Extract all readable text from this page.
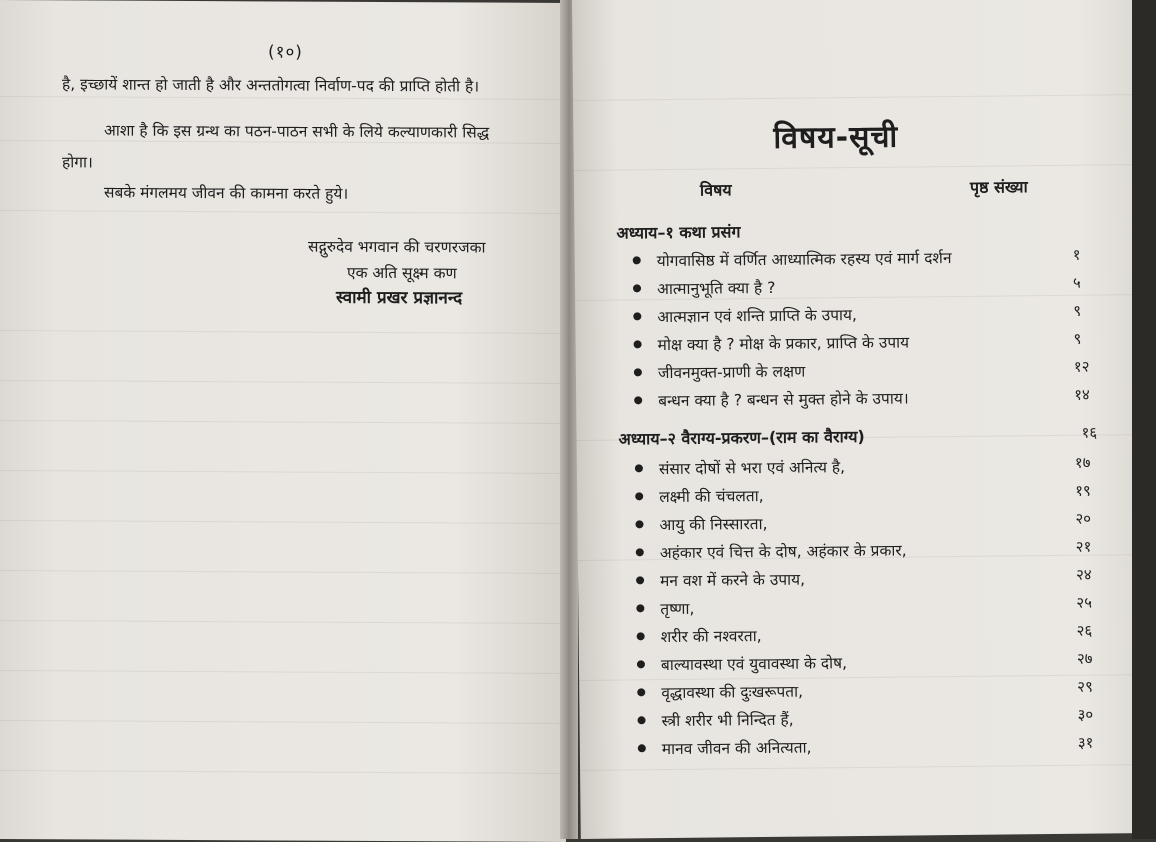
(१०)
है, इच्छायें शान्त हो जाती है और अन्ततोगत्वा निर्वाण-पद की प्राप्ति होती है।
आशा है कि इस ग्रन्थ का पठन-पाठन सभी के लिये कल्याणकारी सिद्ध
होगा।
सबके मंगलमय जीवन की कामना करते हुये।
सद्गुरुदेव भगवान की चरणरजका
एक अति सूक्ष्म कण
स्वामी प्रखर प्रज्ञानन्द
विषय-सूची
विषय	पृष्ठ संख्या
अध्याय–१ कथा प्रसंग
योगवासिष्ठ में वर्णित आध्यात्मिक रहस्य एवं मार्ग दर्शन	१
आत्मानुभूति क्या है ?	५
आत्मज्ञान एवं शन्ति प्राप्ति के उपाय,	९
मोक्ष क्या है ? मोक्ष के प्रकार, प्राप्ति के उपाय	९
जीवनमुक्त-प्राणी के लक्षण	१२
बन्धन क्या है ? बन्धन से मुक्त होने के उपाय।	१४
अध्याय–२ वैराग्य-प्रकरण–(राम का वैराग्य)	१६
संसार दोषों से भरा एवं अनित्य है,	१७
लक्ष्मी की चंचलता,	१९
आयु की निस्सारता,	२०
अहंकार एवं चित्त के दोष, अहंकार के प्रकार,	२१
मन वश में करने के उपाय,	२४
तृष्णा,	२५
शरीर की नश्वरता,	२६
बाल्यावस्था एवं युवावस्था के दोष,	२७
वृद्धावस्था की दुःखरूपता,	२९
स्त्री शरीर भी निन्दित हैं,	३०
मानव जीवन की अनित्यता,	३१
